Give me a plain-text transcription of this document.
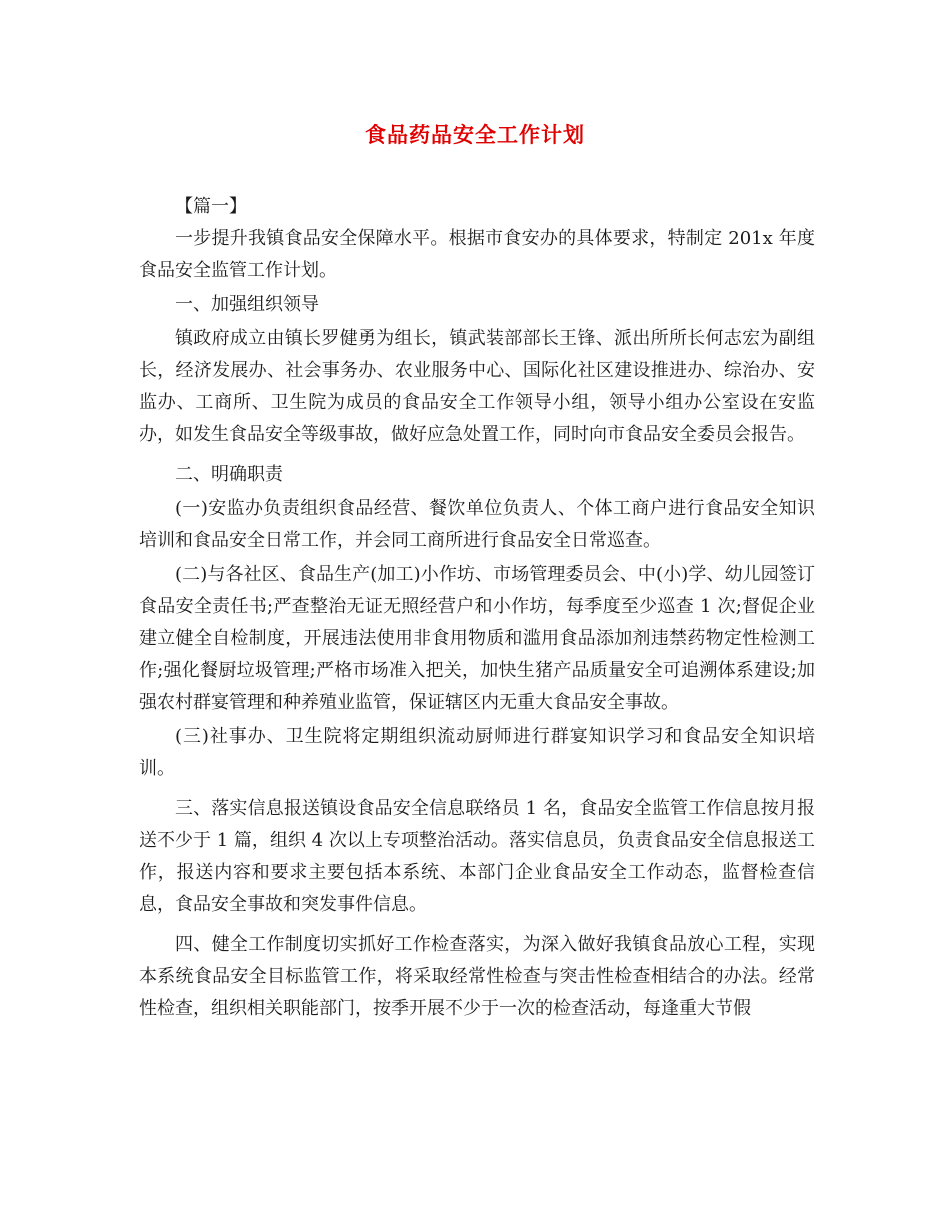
食品药品安全工作计划

【篇一】

一步提升我镇食品安全保障水平。根据市食安办的具体要求，特制定 201x 年度食品安全监管工作计划。

一、加强组织领导

镇政府成立由镇长罗健勇为组长，镇武装部部长王锋、派出所所长何志宏为副组长，经济发展办、社会事务办、农业服务中心、国际化社区建设推进办、综治办、安监办、工商所、卫生院为成员的食品安全工作领导小组，领导小组办公室设在安监办，如发生食品安全等级事故，做好应急处置工作，同时向市食品安全委员会报告。

二、明确职责

(一)安监办负责组织食品经营、餐饮单位负责人、个体工商户进行食品安全知识培训和食品安全日常工作，并会同工商所进行食品安全日常巡查。

(二)与各社区、食品生产(加工)小作坊、市场管理委员会、中(小)学、幼儿园签订食品安全责任书;严查整治无证无照经营户和小作坊，每季度至少巡查 1 次;督促企业建立健全自检制度，开展违法使用非食用物质和滥用食品添加剂违禁药物定性检测工作;强化餐厨垃圾管理;严格市场准入把关，加快生猪产品质量安全可追溯体系建设;加强农村群宴管理和种养殖业监管，保证辖区内无重大食品安全事故。

(三)社事办、卫生院将定期组织流动厨师进行群宴知识学习和食品安全知识培训。

三、落实信息报送镇设食品安全信息联络员 1 名，食品安全监管工作信息按月报送不少于 1 篇，组织 4 次以上专项整治活动。落实信息员，负责食品安全信息报送工作，报送内容和要求主要包括本系统、本部门企业食品安全工作动态，监督检查信息，食品安全事故和突发事件信息。

四、健全工作制度切实抓好工作检查落实，为深入做好我镇食品放心工程，实现本系统食品安全目标监管工作，将采取经常性检查与突击性检查相结合的办法。经常性检查，组织相关职能部门，按季开展不少于一次的检查活动，每逢重大节假
